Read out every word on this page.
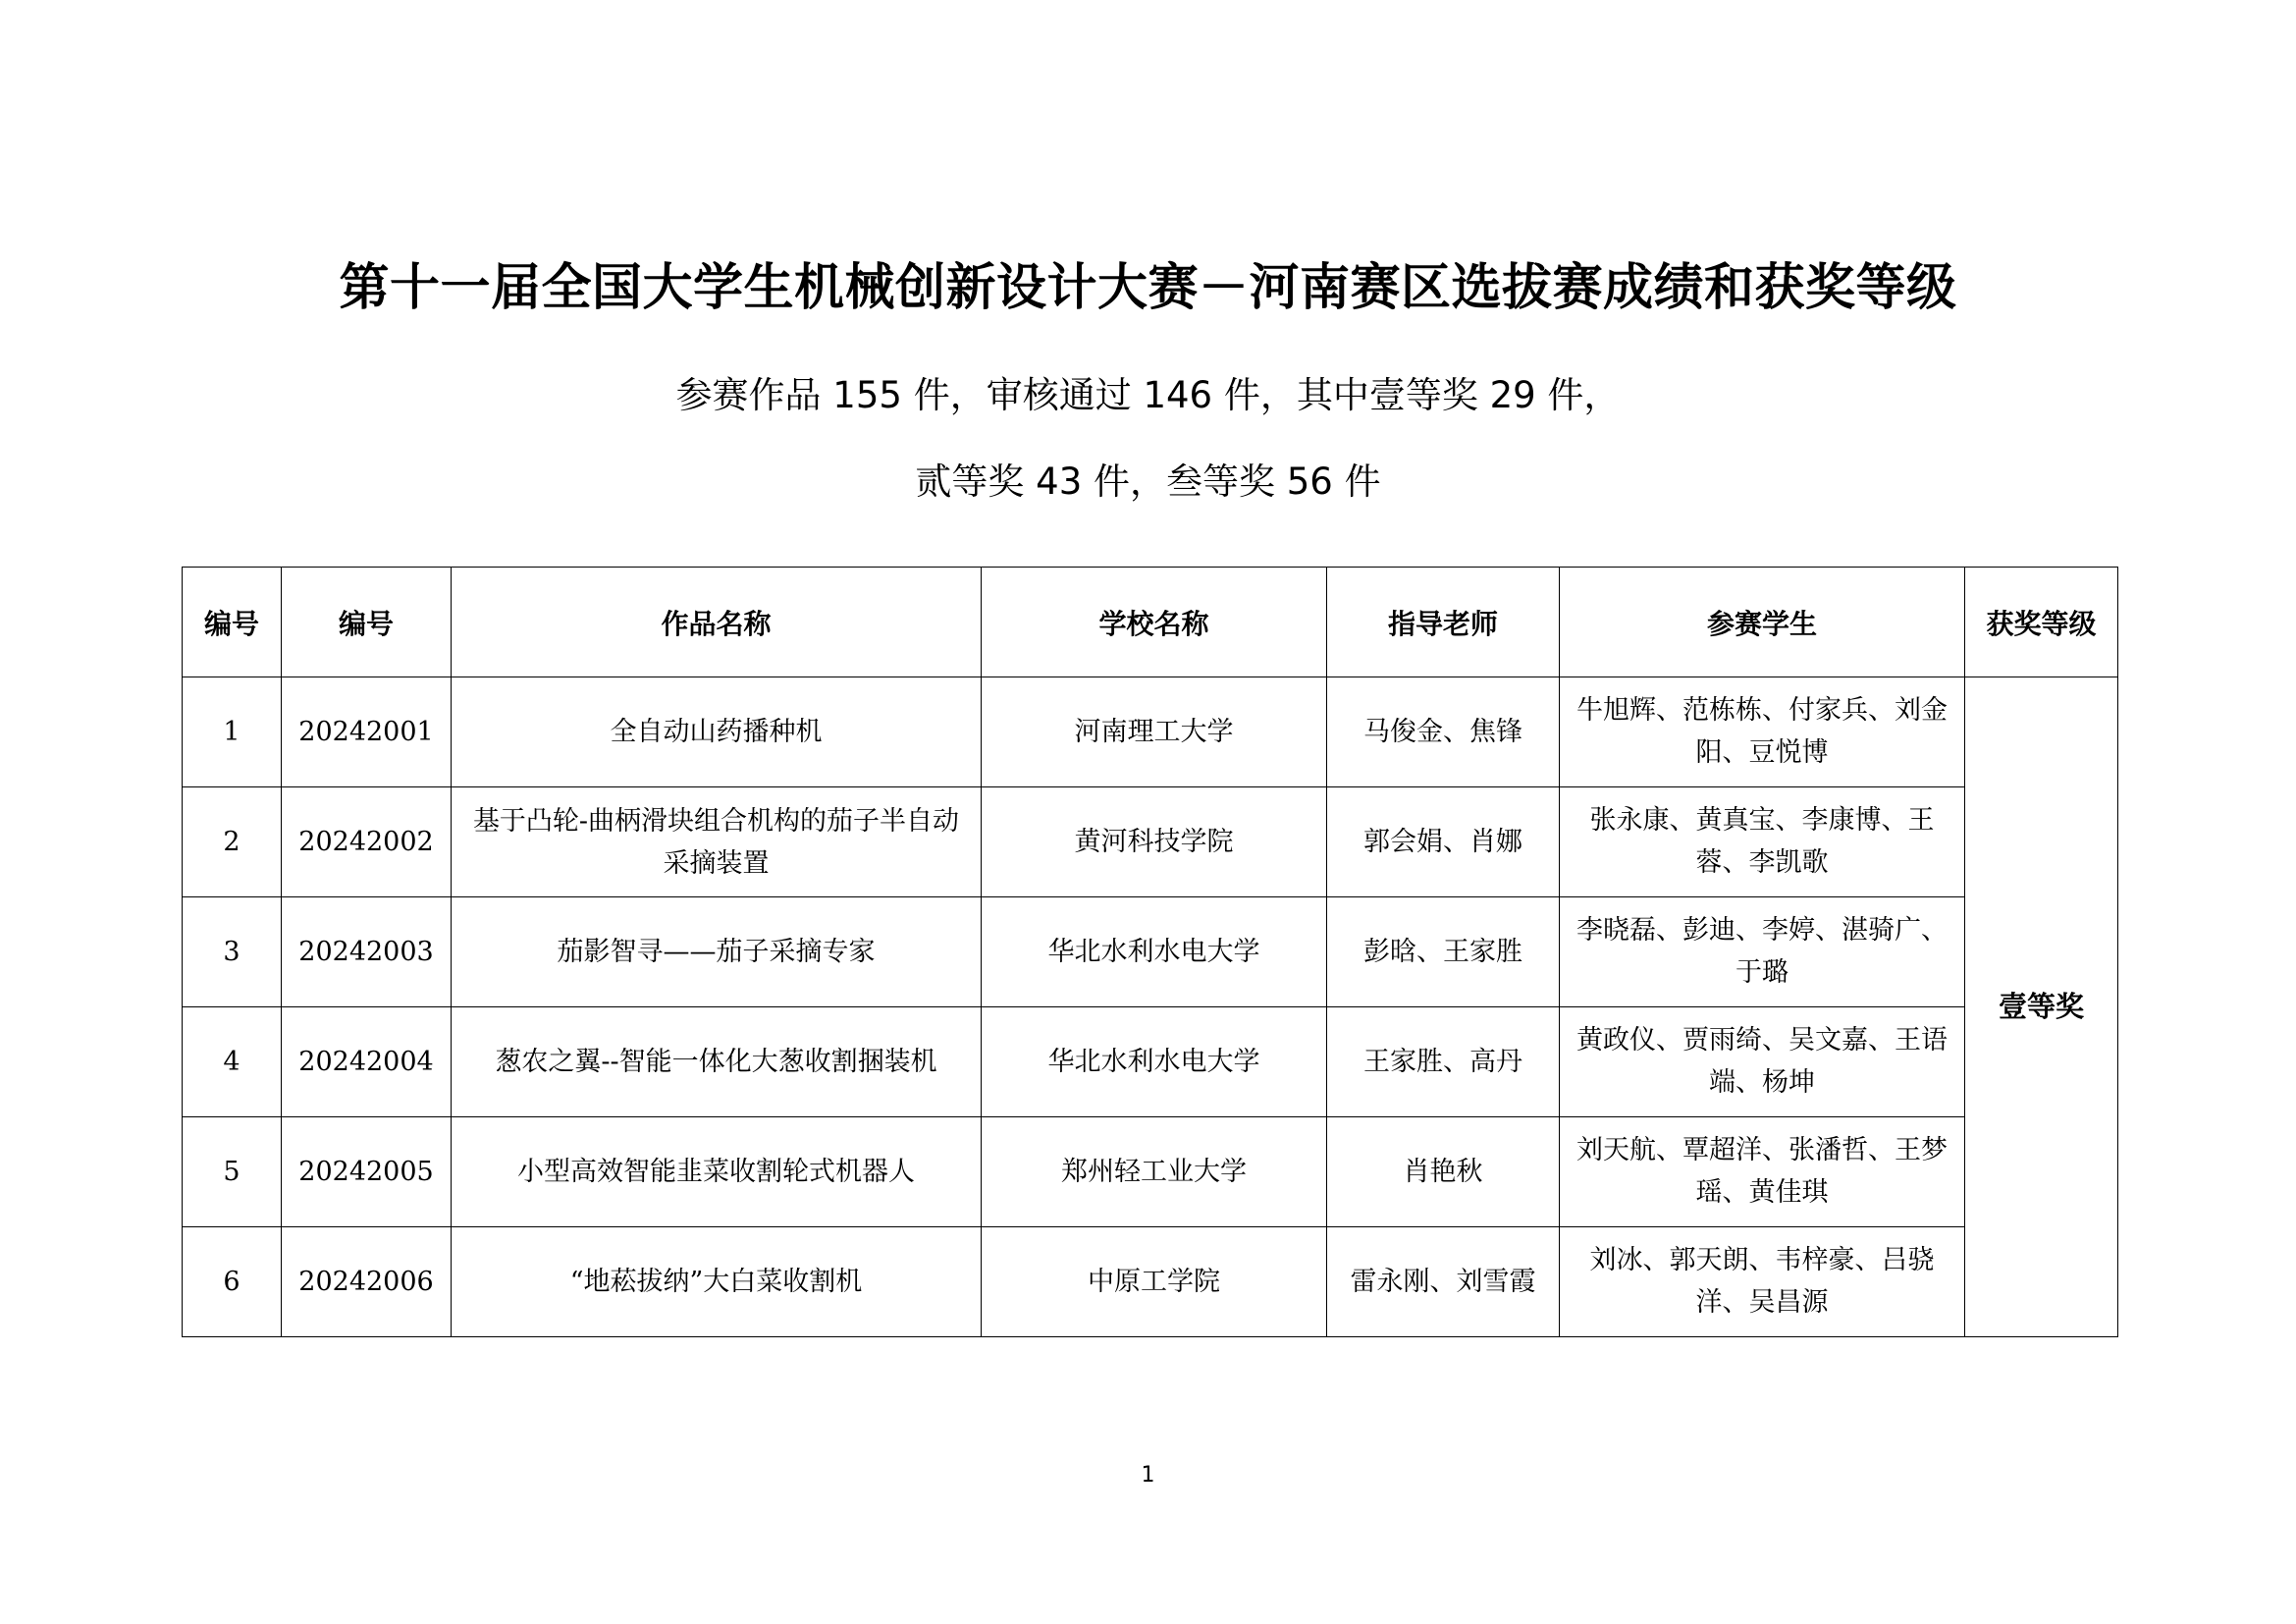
第十一届全国大学生机械创新设计大赛－河南赛区选拔赛成绩和获奖等级
参赛作品 155 件，审核通过 146 件，其中壹等奖 29 件，
贰等奖 43 件，叁等奖 56 件
编号	编号	作品名称	学校名称	指导老师	参赛学生	获奖等级
1	20242001	全自动山药播种机	河南理工大学	马俊金、焦锋	牛旭辉、范栋栋、付家兵、刘金阳、豆悦博	壹等奖
2	20242002	基于凸轮-曲柄滑块组合机构的茄子半自动采摘装置	黄河科技学院	郭会娟、肖娜	张永康、黄真宝、李康博、王蓉、李凯歌	
3	20242003	茄影智寻——茄子采摘专家	华北水利水电大学	彭晗、王家胜	李晓磊、彭迪、李婷、湛骑广、于璐	
4	20242004	葱农之翼--智能一体化大葱收割捆装机	华北水利水电大学	王家胜、高丹	黄政仪、贾雨绮、吴文嘉、王语端、杨坤	
5	20242005	小型高效智能韭菜收割轮式机器人	郑州轻工业大学	肖艳秋	刘天航、覃超洋、张潘哲、王梦瑶、黄佳琪	
6	20242006	“地菘拔纳”大白菜收割机	中原工学院	雷永刚、刘雪霞	刘冰、郭天朗、韦梓豪、吕骁洋、吴昌源	
1
